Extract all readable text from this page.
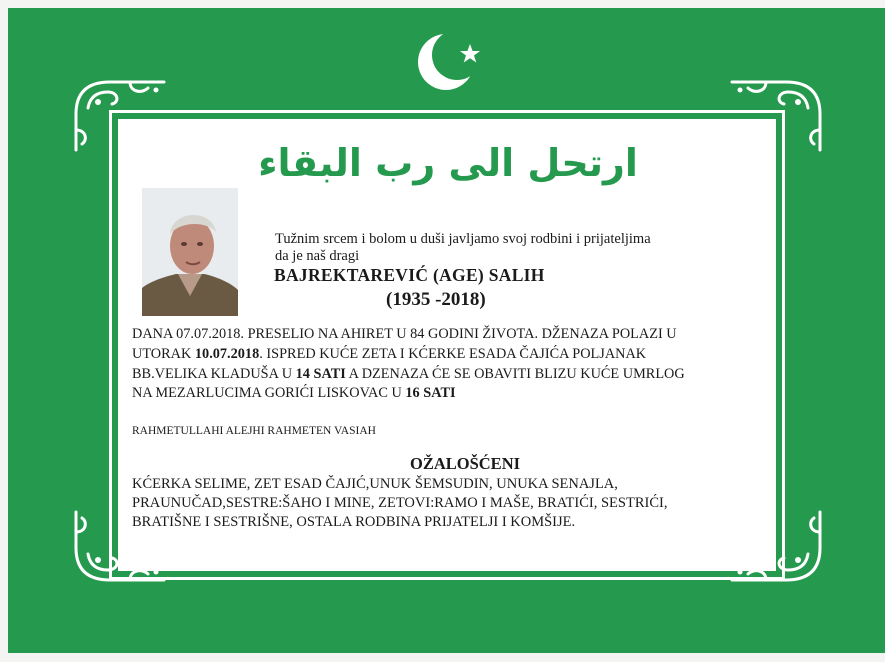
ارتحل الى رب البقاء
Tužnim srcem i bolom u duši javljamo svoj rodbini i prijateljima
da je naš dragi
BAJREKTAREVIĆ (AGE) SALIH
(1935 -2018)
DANA 07.07.2018. PRESELIO NA AHIRET U 84 GODINI ŽIVOTA. DŽENAZA POLAZI U
UTORAK 10.07.2018. ISPRED KUĆE ZETA I KĆERKE ESADA ČAJIĆA POLJANAK
BB.VELIKA KLADUŠA U 14 SATI A DZENAZA ĆE SE OBAVITI BLIZU KUĆE UMRLOG
NA MEZARLUCIMA GORIĆI LISKOVAC U 16 SATI
RAHMETULLAHI ALEJHI RAHMETEN VASIAH
OŽALOŠĆENI
KĆERKA SELIME, ZET ESAD ČAJIĆ,UNUK ŠEMSUDIN, UNUKA SENAJLA,
PRAUNUČAD,SESTRE:ŠAHO I MINE, ZETOVI:RAMO I MAŠE, BRATIĆI, SESTRIĆI,
BRATIŠNE I SESTRIŠNE, OSTALA RODBINA PRIJATELJI I KOMŠIJE.
